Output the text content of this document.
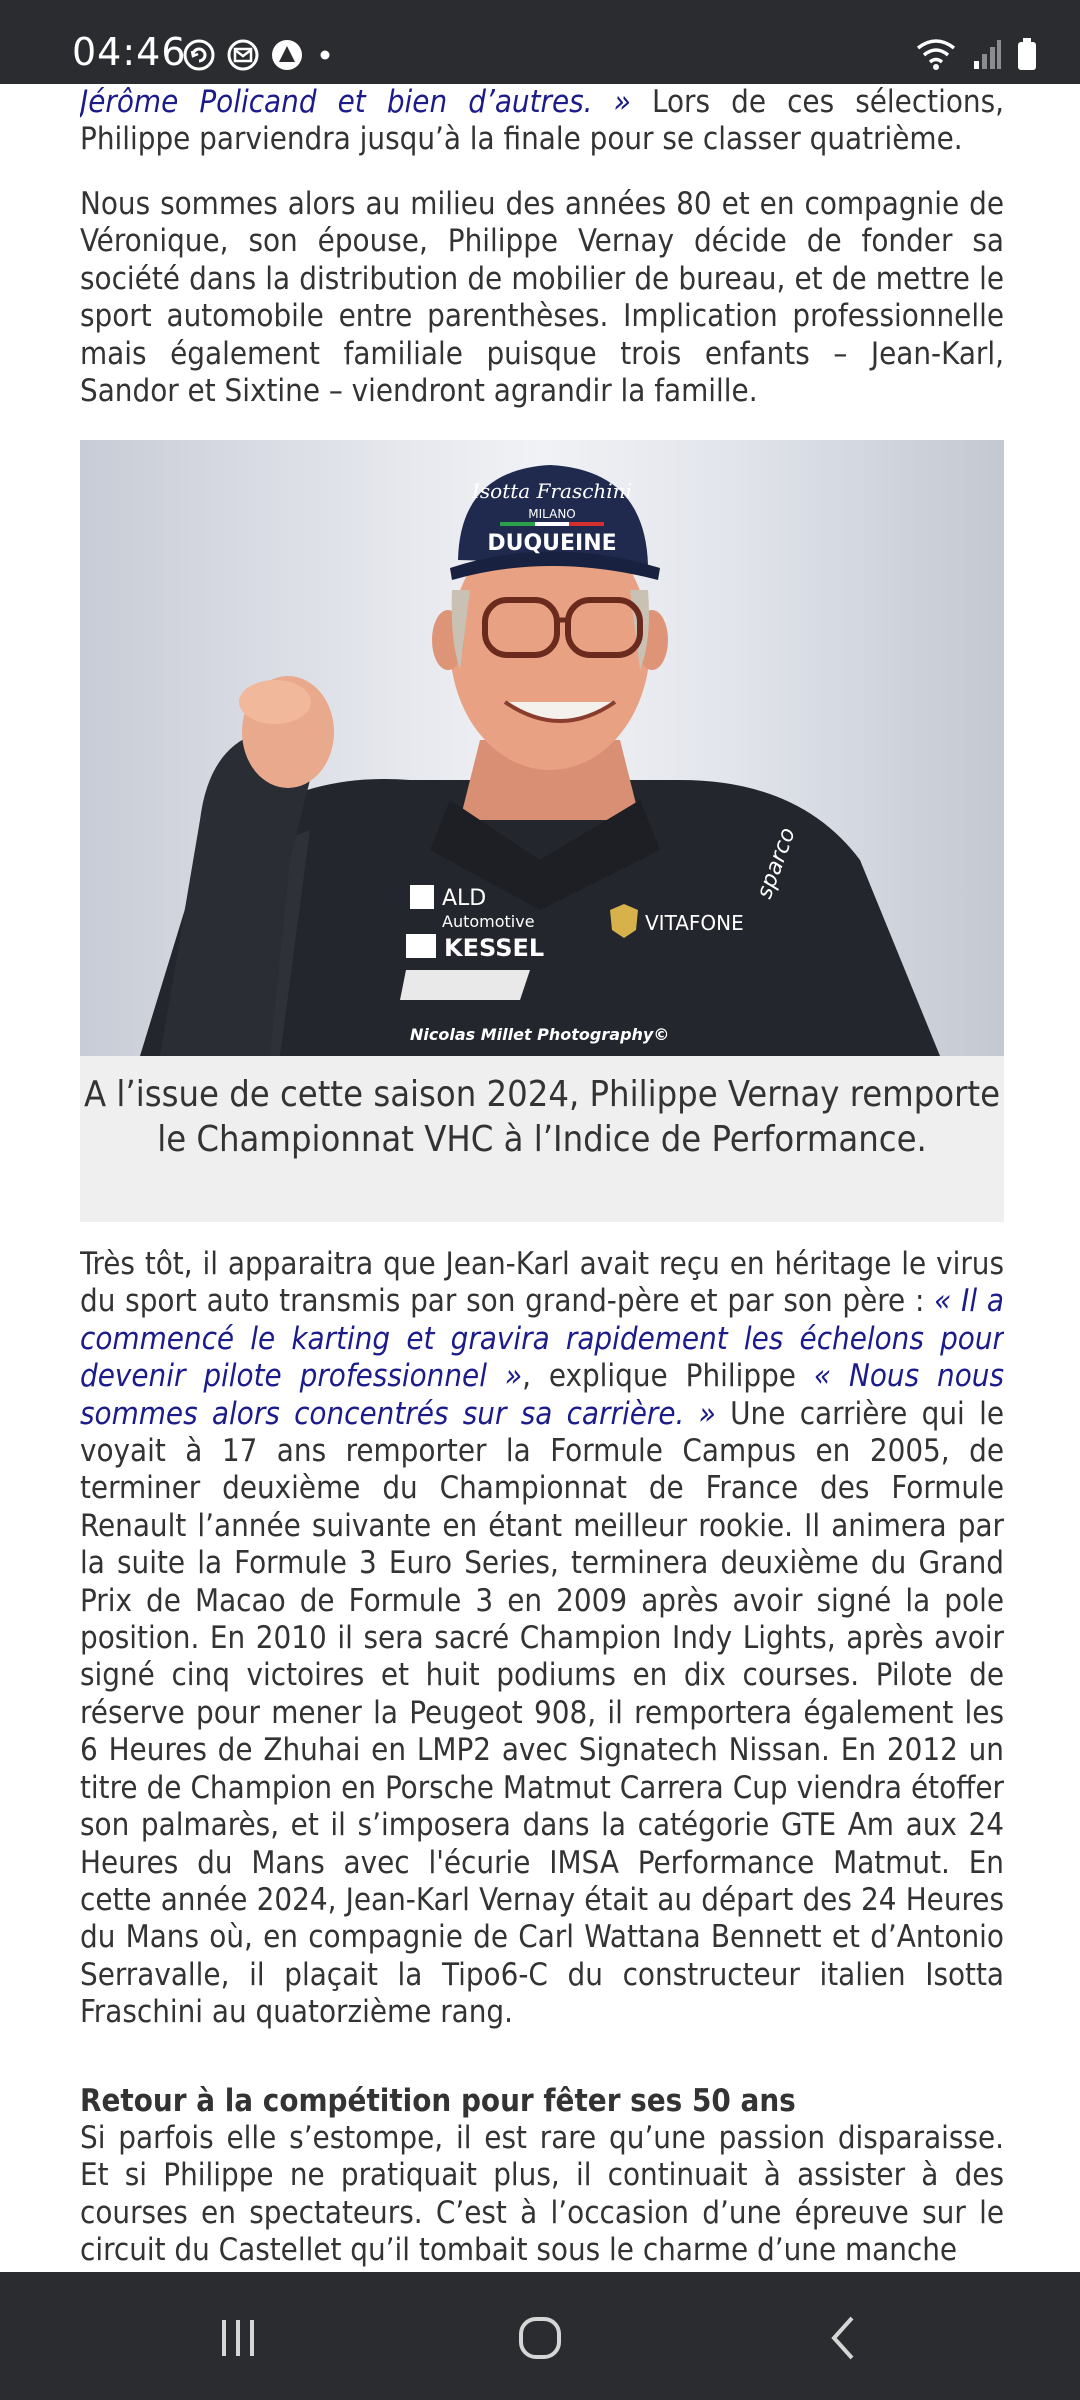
04:46

Jérôme Policand et bien d’autres. » Lors de ces sélections, Philippe parviendra jusqu’à la finale pour se classer quatrième.

Nous sommes alors au milieu des années 80 et en compagnie de Véronique, son épouse, Philippe Vernay décide de fonder sa société dans la distribution de mobilier de bureau, et de mettre le sport automobile entre parenthèses. Implication professionnelle mais également familiale puisque trois enfants – Jean-Karl, Sandor et Sixtine – viendront agrandir la famille.

Isotta Fraschini
MILANO
DUQUEINE
ALD
Automotive
KESSEL
VITAFONE
sparco
Nicolas Millet Photography©
A l’issue de cette saison 2024, Philippe Vernay remporte le Championnat VHC à l’Indice de Performance.

Très tôt, il apparaitra que Jean-Karl avait reçu en héritage le virus du sport auto transmis par son grand-père et par son père : « Il a commencé le karting et gravira rapidement les échelons pour devenir pilote professionnel », explique Philippe « Nous nous sommes alors concentrés sur sa carrière. » Une carrière qui le voyait à 17 ans remporter la Formule Campus en 2005, de terminer deuxième du Championnat de France des Formule Renault l’année suivante en étant meilleur rookie. Il animera par la suite la Formule 3 Euro Series, terminera deuxième du Grand Prix de Macao de Formule 3 en 2009 après avoir signé la pole position. En 2010 il sera sacré Champion Indy Lights, après avoir signé cinq victoires et huit podiums en dix courses. Pilote de réserve pour mener la Peugeot 908, il remportera également les 6 Heures de Zhuhai en LMP2 avec Signatech Nissan. En 2012 un titre de Champion en Porsche Matmut Carrera Cup viendra étoffer son palmarès, et il s’imposera dans la catégorie GTE Am aux 24 Heures du Mans avec l'écurie IMSA Performance Matmut. En cette année 2024, Jean-Karl Vernay était au départ des 24 Heures du Mans où, en compagnie de Carl Wattana Bennett et d’Antonio Serravalle, il plaçait la Tipo6-C du constructeur italien Isotta Fraschini au quatorzième rang.

Retour à la compétition pour fêter ses 50 ans

Si parfois elle s’estompe, il est rare qu’une passion disparaisse. Et si Philippe ne pratiquait plus, il continuait à assister à des courses en spectateurs. C’est à l’occasion d’une épreuve sur le circuit du Castellet qu’il tombait sous le charme d’une manche
